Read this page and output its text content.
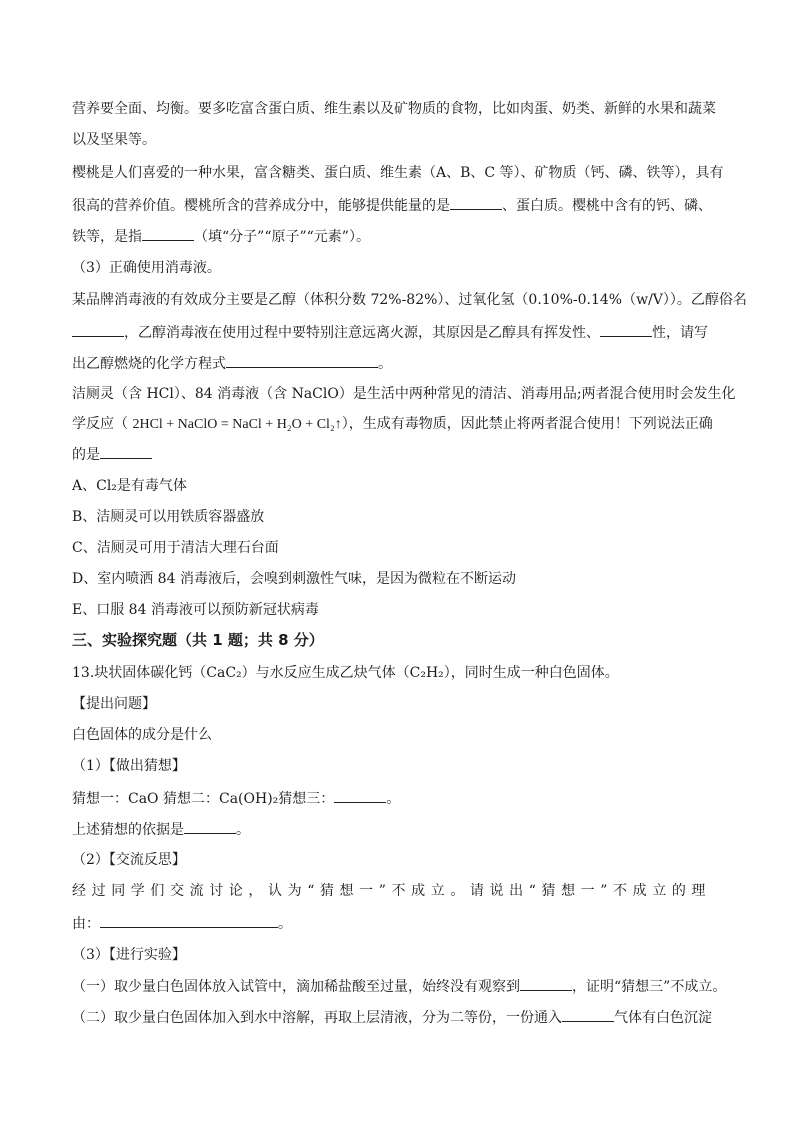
营养要全面、均衡。要多吃富含蛋白质、维生素以及矿物质的食物，比如肉蛋、奶类、新鲜的水果和蔬菜
以及坚果等。
樱桃是人们喜爱的一种水果，富含糖类、蛋白质、维生素（A、B、C 等）、矿物质（钙、磷、铁等），具有
很高的营养价值。樱桃所含的营养成分中，能够提供能量的是	、蛋白质。樱桃中含有的钙、磷、
铁等，是指	（填“分子”“原子”“元素”）。
（3）正确使用消毒液。
某品牌消毒液的有效成分主要是乙醇（体积分数 72%-82%）、过氧化氢（0.10%-0.14%（w/V））。乙醇俗名
，乙醇消毒液在使用过程中要特别注意远离火源，其原因是乙醇具有挥发性、	性，请写
出乙醇燃烧的化学方程式	。
洁厕灵（含 HCl）、84 消毒液（含 NaClO）是生活中两种常见的清洁、消毒用品;两者混合使用时会发生化
学反应（ 2HCl + NaClO = NaCl + H₂O + Cl₂↑），生成有毒物质，因此禁止将两者混合使用！下列说法正确
的是
A、Cl₂是有毒气体
B、洁厕灵可以用铁质容器盛放
C、洁厕灵可用于清洁大理石台面
D、室内喷洒 84 消毒液后，会嗅到刺激性气味，是因为微粒在不断运动
E、口服 84 消毒液可以预防新冠状病毒
三、实验探究题（共 1 题；共 8 分）
13.块状固体碳化钙（CaC₂）与水反应生成乙炔气体（C₂H₂），同时生成一种白色固体。
【提出问题】
白色固体的成分是什么
（1）【做出猜想】
猜想一：CaO 猜想二：Ca(OH)₂猜想三：	。
上述猜想的依据是	。
（2）【交流反思】
经过同学们交流讨论，认为“猜想一”不成立。请说出“猜想一”不成立的理
由：	。
（3）【进行实验】
（一）取少量白色固体放入试管中，滴加稀盐酸至过量，始终没有观察到	，证明“猜想三”不成立。
（二）取少量白色固体加入到水中溶解，再取上层清液，分为二等份，一份通入	气体有白色沉淀
